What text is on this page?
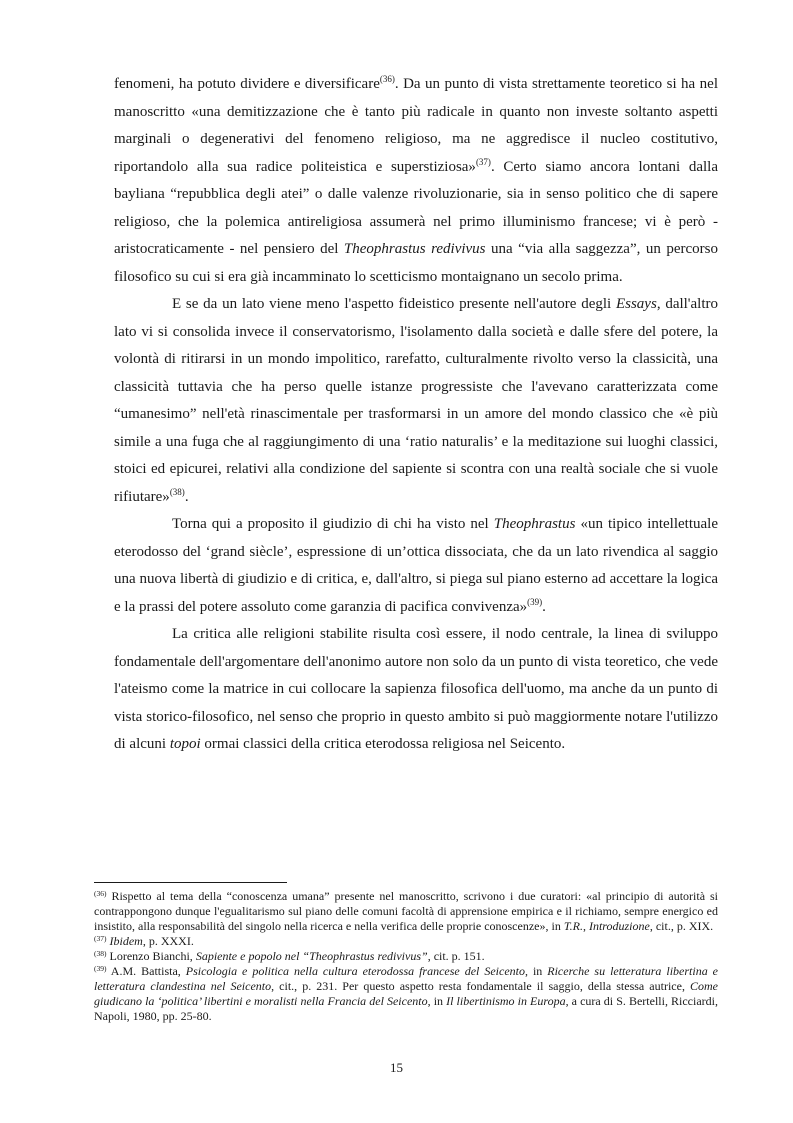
fenomeni, ha potuto dividere e diversificare$^{(36)}$. Da un punto di vista strettamente teoretico si ha nel manoscritto «una demitizzazione che è tanto più radicale in quanto non investe soltanto aspetti marginali o degenerativi del fenomeno religioso, ma ne aggredisce il nucleo costitutivo, riportandolo alla sua radice politeistica e superstiziosa»$^{(37)}$. Certo siamo ancora lontani dalla bayliana “repubblica degli atei” o dalle valenze rivoluzionarie, sia in senso politico che di sapere religioso, che la polemica antireligiosa assumerà nel primo illuminismo francese; vi è però - aristocraticamente - nel pensiero del Theophrastus redivivus una “via alla saggezza”, un percorso filosofico su cui si era già incamminato lo scetticismo montaignano un secolo prima.

E se da un lato viene meno l'aspetto fideistico presente nell'autore degli Essays, dall'altro lato vi si consolida invece il conservatorismo, l'isolamento dalla società e dalle sfere del potere, la volontà di ritirarsi in un mondo impolitico, rarefatto, culturalmente rivolto verso la classicità, una classicità tuttavia che ha perso quelle istanze progressiste che l'avevano caratterizzata come “umanesimo” nell'età rinascimentale per trasformarsi in un amore del mondo classico che «è più simile a una fuga che al raggiungimento di una ‘ratio naturalis’ e la meditazione sui luoghi classici, stoici ed epicurei, relativi alla condizione del sapiente si scontra con una realtà sociale che si vuole rifiutare»$^{(38)}$.

Torna qui a proposito il giudizio di chi ha visto nel Theophrastus «un tipico intellettuale eterodosso del ‘grand siècle’, espressione di un’ottica dissociata, che da un lato rivendica al saggio una nuova libertà di giudizio e di critica, e, dall'altro, si piega sul piano esterno ad accettare la logica e la prassi del potere assoluto come garanzia di pacifica convivenza»$^{(39)}$.

La critica alle religioni stabilite risulta così essere, il nodo centrale, la linea di sviluppo fondamentale dell'argomentare dell'anonimo autore non solo da un punto di vista teoretico, che vede l'ateismo come la matrice in cui collocare la sapienza filosofica dell'uomo, ma anche da un punto di vista storico-filosofico, nel senso che proprio in questo ambito si può maggiormente notare l'utilizzo di alcuni topoi ormai classici della critica eterodossa religiosa nel Seicento.

$^{(36)}$ Rispetto al tema della “conoscenza umana” presente nel manoscritto, scrivono i due curatori: «al principio di autorità si contrappongono dunque l'egualitarismo sul piano delle comuni facoltà di apprensione empirica e il richiamo, sempre energico ed insistito, alla responsabilità del singolo nella ricerca e nella verifica delle proprie conoscenze», in T.R., Introduzione, cit., p. XIX.

$^{(37)}$ Ibidem, p. XXXI.

$^{(38)}$ Lorenzo Bianchi, Sapiente e popolo nel “Theophrastus redivivus”, cit. p. 151.

$^{(39)}$ A.M. Battista, Psicologia e politica nella cultura eterodossa francese del Seicento, in Ricerche su letteratura libertina e letteratura clandestina nel Seicento, cit., p. 231. Per questo aspetto resta fondamentale il saggio, della stessa autrice, Come giudicano la ‘politica’ libertini e moralisti nella Francia del Seicento, in Il libertinismo in Europa, a cura di S. Bertelli, Ricciardi, Napoli, 1980, pp. 25-80.

15
